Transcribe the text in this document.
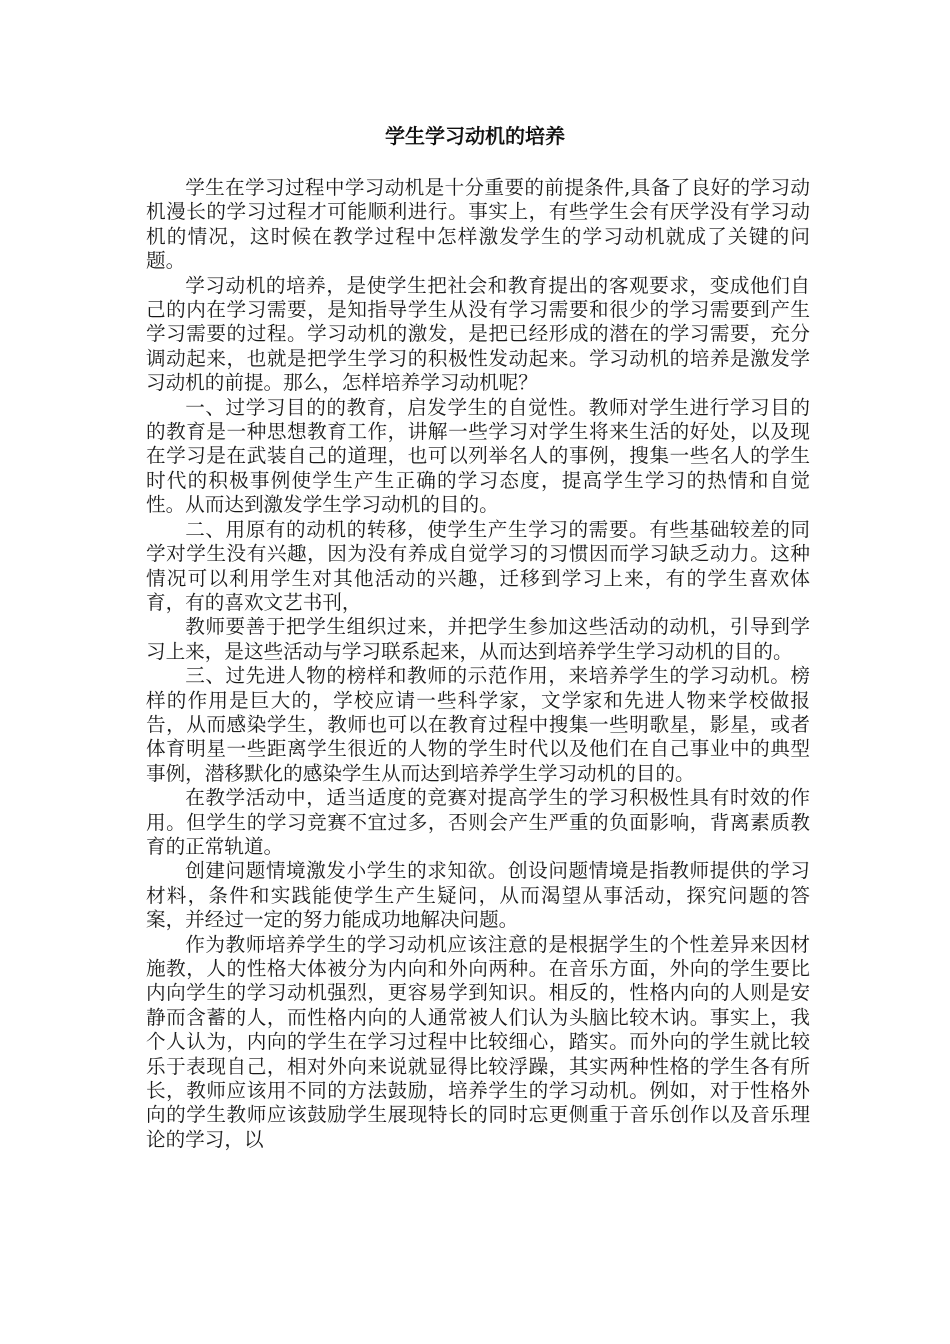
学生学习动机的培养

学生在学习过程中学习动机是十分重要的前提条件,具备了良好的学习动机漫长的学习过程才可能顺利进行。事实上，有些学生会有厌学没有学习动机的情况，这时候在教学过程中怎样激发学生的学习动机就成了关键的问题。

学习动机的培养，是使学生把社会和教育提出的客观要求，变成他们自己的内在学习需要，是知指导学生从没有学习需要和很少的学习需要到产生学习需要的过程。学习动机的激发，是把已经形成的潜在的学习需要，充分调动起来，也就是把学生学习的积极性发动起来。学习动机的培养是激发学习动机的前提。那么，怎样培养学习动机呢？

一、过学习目的的教育，启发学生的自觉性。教师对学生进行学习目的的教育是一种思想教育工作，讲解一些学习对学生将来生活的好处，以及现在学习是在武装自己的道理，也可以列举名人的事例，搜集一些名人的学生时代的积极事例使学生产生正确的学习态度，提高学生学习的热情和自觉性。从而达到激发学生学习动机的目的。

二、用原有的动机的转移，使学生产生学习的需要。有些基础较差的同学对学生没有兴趣，因为没有养成自觉学习的习惯因而学习缺乏动力。这种情况可以利用学生对其他活动的兴趣，迁移到学习上来，有的学生喜欢体育，有的喜欢文艺书刊，

教师要善于把学生组织过来，并把学生参加这些活动的动机，引导到学习上来，是这些活动与学习联系起来，从而达到培养学生学习动机的目的。

三、过先进人物的榜样和教师的示范作用，来培养学生的学习动机。榜样的作用是巨大的，学校应请一些科学家，文学家和先进人物来学校做报告，从而感染学生，教师也可以在教育过程中搜集一些明歌星，影星，或者体育明星一些距离学生很近的人物的学生时代以及他们在自己事业中的典型事例，潜移默化的感染学生从而达到培养学生学习动机的目的。

在教学活动中，适当适度的竞赛对提高学生的学习积极性具有时效的作用。但学生的学习竞赛不宜过多，否则会产生严重的负面影响，背离素质教育的正常轨道。

创建问题情境激发小学生的求知欲。创设问题情境是指教师提供的学习材料，条件和实践能使学生产生疑问，从而渴望从事活动，探究问题的答案，并经过一定的努力能成功地解决问题。

作为教师培养学生的学习动机应该注意的是根据学生的个性差异来因材施教，人的性格大体被分为内向和外向两种。在音乐方面，外向的学生要比内向学生的学习动机强烈，更容易学到知识。相反的，性格内向的人则是安静而含蓄的人，而性格内向的人通常被人们认为头脑比较木讷。事实上，我个人认为，内向的学生在学习过程中比较细心，踏实。而外向的学生就比较乐于表现自己，相对外向来说就显得比较浮躁，其实两种性格的学生各有所长，教师应该用不同的方法鼓励，培养学生的学习动机。例如，对于性格外向的学生教师应该鼓励学生展现特长的同时忘更侧重于音乐创作以及音乐理论的学习，以
